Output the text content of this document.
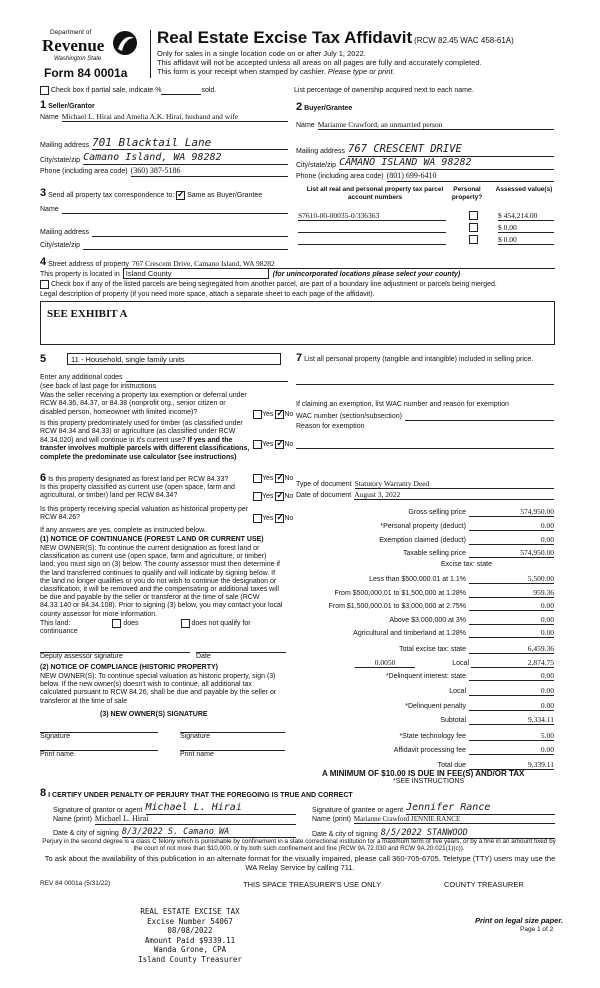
Department of
Revenue
Washington State
Form 84 0001a
Real Estate Excise Tax Affidavit (RCW 82.45 WAC 458-61A)
Only for sales in a single location code on or after July 1, 2022.
This affidavit will not be accepted unless all areas on all pages are fully and accurately completed.
This form is your receipt when stamped by cashier. Please type or print.

Check box if partial sale, indicate %	sold.	List percentage of ownership acquired next to each name.
1 Seller/Grantor
Name Michael L. Hirai and Amelia A.K. Hirai, husband and wife
Mailing address 701 Blacktail Lane
City/state/zip Camano Island, WA 98282
Phone (including area code) (360) 387-5186
2 Buyer/Grantee
Name Marianne Crawford, an unmarried person
Mailing address 767 CRESCENT DRIVE
City/state/zip CAMANO ISLAND WA 98282
Phone (including area code) (801) 699-6410
3
Send all property tax correspondence to:
✓
Same as Buyer/Grantee
Name
Mailing address
City/state/zip
List all real and personal property tax parcel account numbers
Personal property?
Assessed value(s)
S7610-00-00035-0/336363	$ 454,214.00
$ 0.00
$ 0.00
4
Street address of property 767 Crescent Drive, Camano Island, WA 98282
This property is located in Island County	(for unincorporated locations please select your county)

Check box if any of the listed parcels are being segregated from another parcel, are part of a boundary line adjustment or parcels being merged.
Legal description of property (if you need more space, attach a separate sheet to each page of the affidavit).
SEE EXHIBIT A
5	11 - Household, single family units
Enter any additional codes
(see back of last page for instructions
Was the seller receiving a property tax exemption or deferral under RCW 84.36, 84.37, or 84.38 (nonprofit org., senior citizen or disabled person, homeowner with limited income)?	Yes
✓ No
Is this property predominately used for timber (as classified under RCW 84.34 and 84.33) or agriculture (as classified under RCW 84.34.020) and will continue in it's current use? If yes and the transfer involves multiple parcels with different classifications, complete the predominate use calculator (see instructions)
Yes
✓ No
6 Is this property designated as forest land per RCW 84.33?	Yes
✓ No
Is this property classified as current use (open space, farm and agricultural, or timber) land per RCW 84.34?	Yes
✓ No
Is this property receiving special valuation as historical property per RCW 84.26?	Yes
✓ No
If any answers are yes, complete as instructed below.
(1) NOTICE OF CONTINUANCE (FOREST LAND OR CURRENT USE)
NEW OWNER(S): To continue the current designation as forest land or classification as current use (open space, farm and agriculture, or timber) land, you must sign on (3) below. The county assessor must then determine if the land transferred continues to qualify and will indicate by signing below. If the land no longer qualifies or you do not wish to continue the designation or classification, it will be removed and the compensating or additional taxes will be due and payable by the seller or transferor at the time of sale (RCW 84.33.140 or 84.34.108). Prior to signing (3) below, you may contact your local county assessor for more information.
This land:
	does
	does not qualify for
continuance
Deputy assessor signature	Date
(2) NOTICE OF COMPLIANCE (HISTORIC PROPERTY)
NEW OWNER(S): To continue special valuation as historic property, sign (3) below. If the new owner(s) doesn't wish to continue, all additional tax calculated pursuant to RCW 84.26, shall be due and payable by the seller or transferor at the time of sale
(3) NEW OWNER(S) SIGNATURE
Signature	Signature
Print name	Print name
7 List all personal property (tangible and intangible) included in selling price.
If claiming an exemption, list WAC number and reason for exemption
WAC number (section/subsection)
Reason for exemption
Type of document Statutory Warranty Deed
Date of document August 3, 2022
Gross selling price	574,950.00
*Personal property (deduct)	0.00
Exemption claimed (deduct)	0.00
Taxable selling price	574,950.00
Excise tax: state
Less than $500,000.01 at 1.1%	5,500.00
From $500,000.01 to $1,500,000 at 1.28%	959.36
From $1,500,000.01 to $3,000,000 at 2.75%	0.00
Above $3,000,000 at 3%	0.00
Agricultural and timberland at 1.28%	0.00
Total excise tax: state	6,459.36
0.0050	Local	2,874.75
*Delinquent interest: state	0.00
Local	0.00
*Delinquent penalty	0.00
Subtotal	9,334.11
*State technology fee	5.00
Affidavit processing fee	0.00
Total due	9,339.11
A MINIMUM OF $10.00 IS DUE IN FEE(S) AND/OR TAX
*SEE INSTRUCTIONS
8 I CERTIFY UNDER PENALTY OF PERJURY THAT THE FOREGOING IS TRUE AND CORRECT
Signature of grantor or agent Michael L. Hirai
Name (print) Michael L. Hirai
Date & city of signing 8/3/2022 S. Camano WA
Signature of grantee or agent Jennifer Rance
Name (print) Marianne Crawford JENNIE RANCE
Date & city of signing 8/5/2022 STANWOOD
Perjury in the second degree is a class C felony which is punishable by confinement in a state correctional institution for a maximum term of five years, or by a fine in an amount fixed by the court of not more than $10,000, or by both such confinement and fine (RCW 9A.72.030 and RCW 9A.20.021(1)(c)).
To ask about the availability of this publication in an alternate format for the visually impaired, please call 360-705-6705. Teletype (TTY) users may use the WA Relay Service by calling 711.
REV 84 0001a (5/31/22)	THIS SPACE TREASURER'S USE ONLY	COUNTY TREASURER
REAL ESTATE EXCISE TAX
Excise Number 54067
08/08/2022
Amount Paid $9339.11
Wanda Grone, CPA
Island County Treasurer
Print on legal size paper.
Page 1 of 2
